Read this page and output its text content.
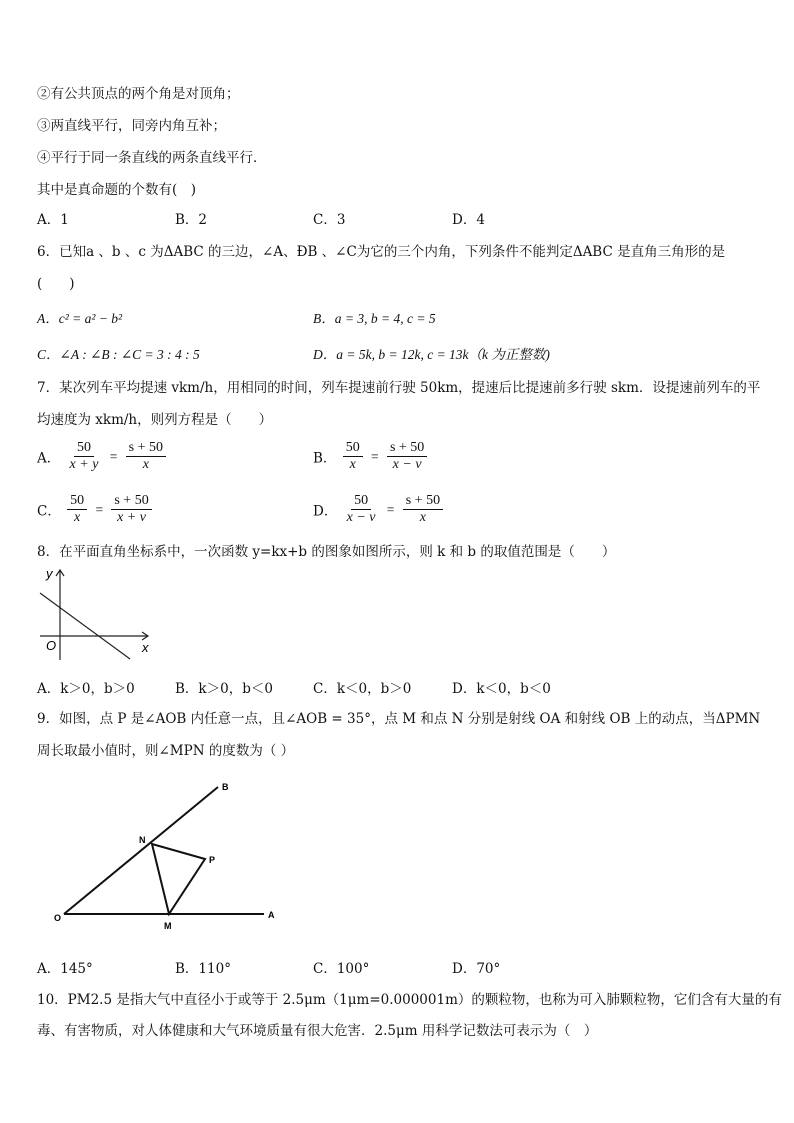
②有公共顶点的两个角是对顶角；
③两直线平行，同旁内角互补；
④平行于同一条直线的两条直线平行．
其中是真命题的个数有(　)
A．1	B．2	C．3	D．4
6．已知a 、b 、c 为ΔABC 的三边，∠A、ÐB 、∠C为它的三个内角，下列条件不能判定ΔABC 是直角三角形的是
(　　)
A．c² = a² − b²	B．a = 3, b = 4, c = 5
C．∠A : ∠B : ∠C = 3 : 4 : 5	D．a = 5k, b = 12k, c = 13k（k 为正整数)
7．某次列车平均提速 vkm/h，用相同的时间，列车提速前行驶 50km，提速后比提速前多行驶 skm．设提速前列车的平
均速度为 xkm/h，则列方程是（　　）
A． $\frac{50}{x + y} = \frac{s + 50}{x}$	B． $\frac{50}{x} = \frac{s + 50}{x - v}$
C． $\frac{50}{x} = \frac{s + 50}{x + v}$	D． $\frac{50}{x - v} = \frac{s + 50}{x}$
8．在平面直角坐标系中，一次函数 y=kx+b 的图象如图所示，则 k 和 b 的取值范围是（　　）
y
x
O
A．k＞0，b＞0	B．k＞0，b＜0	C．k＜0，b＞0	D．k＜0，b＜0
9．如图，点 P 是∠AOB 内任意一点，且∠AOB = 35°，点 M 和点 N 分别是射线 OA 和射线 OB 上的动点，当ΔPMN
周长取最小值时，则∠MPN 的度数为（ ）
B
N
P
O
M
A
A．145°	B．110°	C．100°	D．70°
10．PM2.5 是指大气中直径小于或等于 2.5μm（1μm=0.000001m）的颗粒物，也称为可入肺颗粒物，它们含有大量的有
毒、有害物质，对人体健康和大气环境质量有很大危害．2.5μm 用科学记数法可表示为（　）
